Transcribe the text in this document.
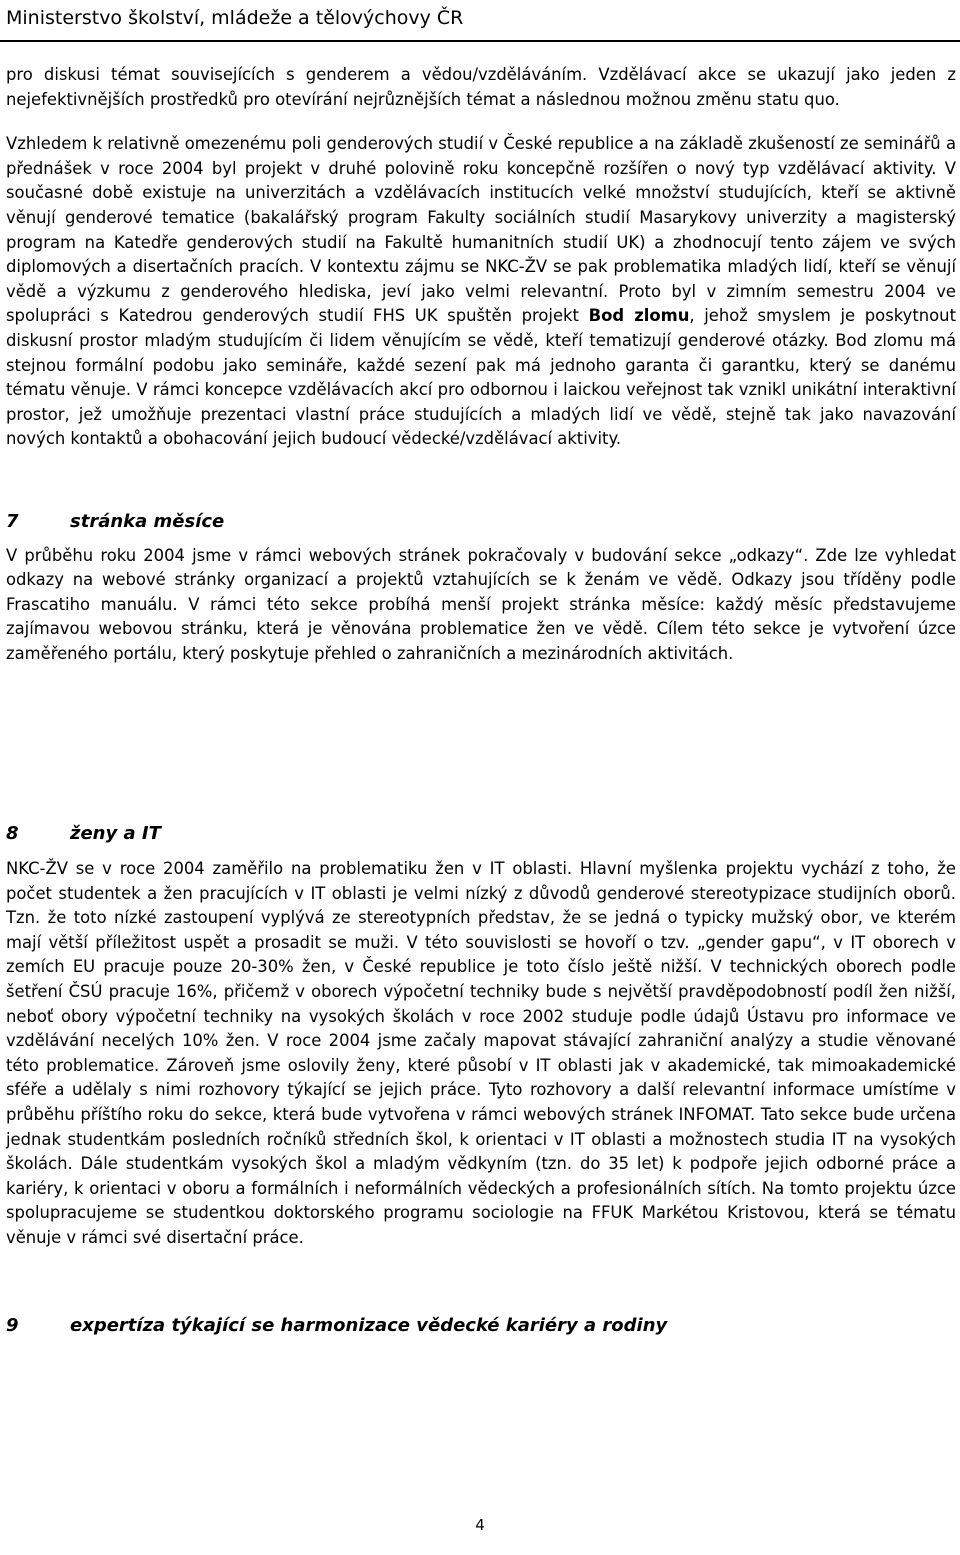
Ministerstvo školství, mládeže a tělovýchovy ČR

pro diskusi témat souvisejících s genderem a vědou/vzděláváním. Vzdělávací akce se ukazují jako jeden z nejefektivnějších prostředků pro otevírání nejrůznějších témat a následnou možnou změnu statu quo.

Vzhledem k relativně omezenému poli genderových studií v České republice a na základě zkušeností ze seminářů a přednášek v roce 2004 byl projekt v druhé polovině roku koncepčně rozšířen o nový typ vzdělávací aktivity. V současné době existuje na univerzitách a vzdělávacích institucích velké množství studujících, kteří se aktivně věnují genderové tematice (bakalářský program Fakulty sociálních studií Masarykovy univerzity a magisterský program na Katedře genderových studií na Fakultě humanitních studií UK) a zhodnocují tento zájem ve svých diplomových a disertačních pracích. V kontextu zájmu se NKC-ŽV se pak problematika mladých lidí, kteří se věnují vědě a výzkumu z genderového hlediska, jeví jako velmi relevantní. Proto byl v zimním semestru 2004 ve spolupráci s Katedrou genderových studií FHS UK spuštěn projekt Bod zlomu, jehož smyslem je poskytnout diskusní prostor mladým studujícím či lidem věnujícím se vědě, kteří tematizují genderové otázky. Bod zlomu má stejnou formální podobu jako semináře, každé sezení pak má jednoho garanta či garantku, který se danému tématu věnuje. V rámci koncepce vzdělávacích akcí pro odbornou i laickou veřejnost tak vznikl unikátní interaktivní prostor, jež umožňuje prezentaci vlastní práce studujících a mladých lidí ve vědě, stejně tak jako navazování nových kontaktů a obohacování jejich budoucí vědecké/vzdělávací aktivity.

7	stránka měsíce

V průběhu roku 2004 jsme v rámci webových stránek pokračovaly v budování sekce „odkazy“. Zde lze vyhledat odkazy na webové stránky organizací a projektů vztahujících se k ženám ve vědě. Odkazy jsou tříděny podle Frascatiho manuálu. V rámci této sekce probíhá menší projekt stránka měsíce: každý měsíc představujeme zajímavou webovou stránku, která je věnována problematice žen ve vědě. Cílem této sekce je vytvoření úzce zaměřeného portálu, který poskytuje přehled o zahraničních a mezinárodních aktivitách.

8	ženy a IT

NKC-ŽV se v roce 2004 zaměřilo na problematiku žen v IT oblasti. Hlavní myšlenka projektu vychází z toho, že počet studentek a žen pracujících v IT oblasti je velmi nízký z důvodů genderové stereotypizace studijních oborů. Tzn. že toto nízké zastoupení vyplývá ze stereotypních představ, že se jedná o typicky mužský obor, ve kterém mají větší příležitost uspět a prosadit se muži. V této souvislosti se hovoří o tzv. „gender gapu“, v IT oborech v zemích EU pracuje pouze 20-30% žen, v České republice je toto číslo ještě nižší. V technických oborech podle šetření ČSÚ pracuje 16%, přičemž v oborech výpočetní techniky bude s největší pravděpodobností podíl žen nižší, neboť obory výpočetní techniky na vysokých školách v roce 2002 studuje podle údajů Ústavu pro informace ve vzdělávání necelých 10% žen. V roce 2004 jsme začaly mapovat stávající zahraniční analýzy a studie věnované této problematice. Zároveň jsme oslovily ženy, které působí v IT oblasti jak v akademické, tak mimoakademické sféře a udělaly s nimi rozhovory týkající se jejich práce. Tyto rozhovory a další relevantní informace umístíme v průběhu příštího roku do sekce, která bude vytvořena v rámci webových stránek INFOMAT. Tato sekce bude určena jednak studentkám posledních ročníků středních škol, k orientaci v IT oblasti a možnostech studia IT na vysokých školách. Dále studentkám vysokých škol a mladým vědkyním (tzn. do 35 let) k podpoře jejich odborné práce a kariéry, k orientaci v oboru a formálních i neformálních vědeckých a profesionálních sítích. Na tomto projektu úzce spolupracujeme se studentkou doktorského programu sociologie na FFUK Markétou Kristovou, která se tématu věnuje v rámci své disertační práce.

9	expertíza týkající se harmonizace vědecké kariéry a rodiny
4
